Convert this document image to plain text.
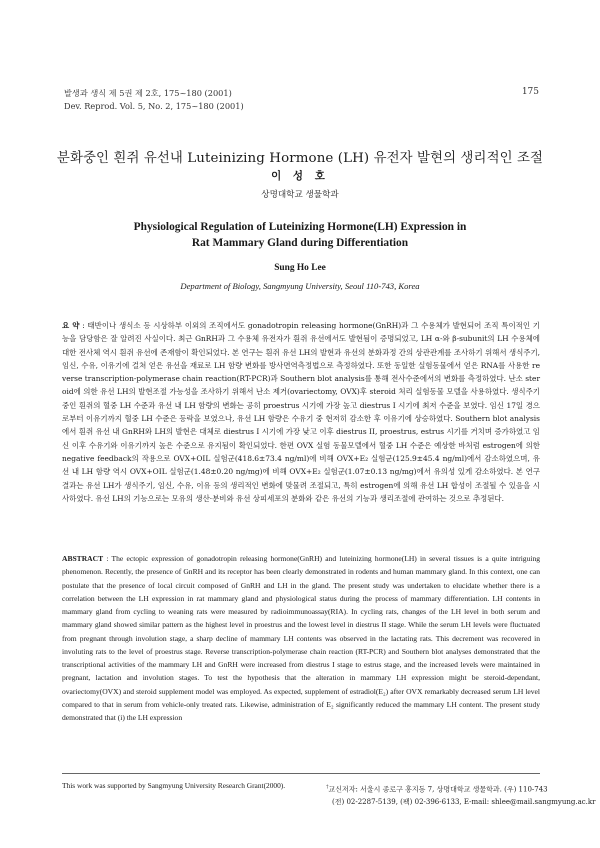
발생과 생식 제 5권 제 2호, 175~180 (2001)
Dev. Reprod. Vol. 5, No. 2, 175~180 (2001)
175
분화중인 흰쥐 유선내 Luteinizing Hormone (LH) 유전자 발현의 생리적인 조절
이 성 호
상명대학교 생물학과
Physiological Regulation of Luteinizing Hormone(LH) Expression in
Rat Mammary Gland during Differentiation
Sung Ho Lee
Department of Biology, Sangmyung University, Seoul 110-743, Korea
요 약 : 태반이나 생식소 등 시상하부 이외의 조직에서도 gonadotropin releasing hormone(GnRH)과 그 수용체가 발현되어 조직 특이적인 기능을 담당함은 잘 알려진 사실이다. 최근 GnRH과 그 수용체 유전자가 흰쥐 유선에서도 발현됨이 증명되었고, LH α-와 β-subunit의 LH 수용체에 대한 전사체 역시 흰쥐 유선에 존재함이 확인되었다. 본 연구는 흰쥐 유선 LH의 발현과 유선의 분화과정 간의 상관관계를 조사하기 위해서 생식주기, 임신, 수유, 이유기에 걸쳐 얻은 유선을 재료로 LH 함량 변화를 방사면역측정법으로 측정하였다. 또한 동일한 실험동물에서 얻은 RNA를 사용한 reverse transcription-polymerase chain reaction(RT-PCR)과 Southern blot analysis를 통해 전사수준에서의 변화를 측정하였다. 난소 steroid에 의한 유선 LH의 발현조절 가능성을 조사하기 위해서 난소 제거(ovariectomy, OVX)후 steroid 처리 실험동물 모델을 사용하였다. 생식주기중인 흰쥐의 혈중 LH 수준과 유선 내 LH 함량의 변화는 공히 proestrus 시기에 가장 높고 diestrus I 시기에 최저 수준을 보였다. 임신 17일 경으로부터 이유기까지 혈중 LH 수준은 등락을 보였으나, 유선 LH 함량은 수유기 중 현저히 감소한 후 이유기에 상승하였다. Southern blot analysis에서 흰쥐 유선 내 GnRH와 LH의 발현은 대체로 diestrus I 시기에 가장 낮고 이후 diestrus II, proestrus, estrus 시기를 거치며 증가하였고 임신 이후 수유기와 이유기까지 높은 수준으로 유지됨이 확인되었다. 한편 OVX 실험 동물모델에서 혈중 LH 수준은 예상한 바처럼 estrogen에 의한 negative feedback의 작용으로 OVX+OIL 실험군(418.6±73.4 ng/ml)에 비해 OVX+E₂ 실험군(125.9±45.4 ng/ml)에서 감소하였으며, 유선 내 LH 함량 역시 OVX+OIL 실험군(1.48±0.20 ng/mg)에 비해 OVX+E₂ 실험군(1.07±0.13 ng/mg)에서 유의성 있게 감소하였다. 본 연구결과는 유선 LH가 생식주기, 임신, 수유, 이유 등의 생리적인 변화에 맞물려 조절되고, 특히 estrogen에 의해 유선 LH 합성이 조절될 수 있음을 시사하였다. 유선 LH의 기능으로는 모유의 생산·분비와 유선 상피세포의 분화와 같은 유선의 기능과 생리조절에 관여하는 것으로 추정된다.
ABSTRACT : The ectopic expression of gonadotropin releasing hormone(GnRH) and luteinizing hormone(LH) in several tissues is a quite intriguing phenomenon. Recently, the presence of GnRH and its receptor has been clearly demonstrated in rodents and human mammary gland. In this context, one can postulate that the presence of local circuit composed of GnRH and LH in the gland. The present study was undertaken to elucidate whether there is a correlation between the LH expression in rat mammary gland and physiological status during the process of mammary differentiation. LH contents in mammary gland from cycling to weaning rats were measured by radioimmunoassay(RIA). In cycling rats, changes of the LH level in both serum and mammary gland showed similar pattern as the highest level in proestrus and the lowest level in diestrus II stage. While the serum LH levels were fluctuated from pregnant through involution stage, a sharp decline of mammary LH contents was observed in the lactating rats. This decrement was recovered in involuting rats to the level of proestrus stage. Reverse transcription-polymerase chain reaction (RT-PCR) and Southern blot analyses demonstrated that the transcriptional activities of the mammary LH and GnRH were increased from diestrus I stage to estrus stage, and the increased levels were maintained in pregnant, lactation and involution stages. To test the hypothesis that the alteration in mammary LH expression might be steroid-dependant, ovariectomy(OVX) and steroid supplement model was employed. As expected, supplement of estradiol(E₂) after OVX remarkably decreased serum LH level compared to that in serum from vehicle-only treated rats. Likewise, administration of E₂ significantly reduced the mammary LH content. The present study demonstrated that (i) the LH expression
This work was supported by Sangmyung University Research Grant(2000).	†교신저자: 서울시 종로구 홍지동 7, 상명대학교 생물학과. (우) 110-743
(전) 02-2287-5139, (팩) 02-396-6133, E-mail: shlee@mail.sangmyung.ac.kr
